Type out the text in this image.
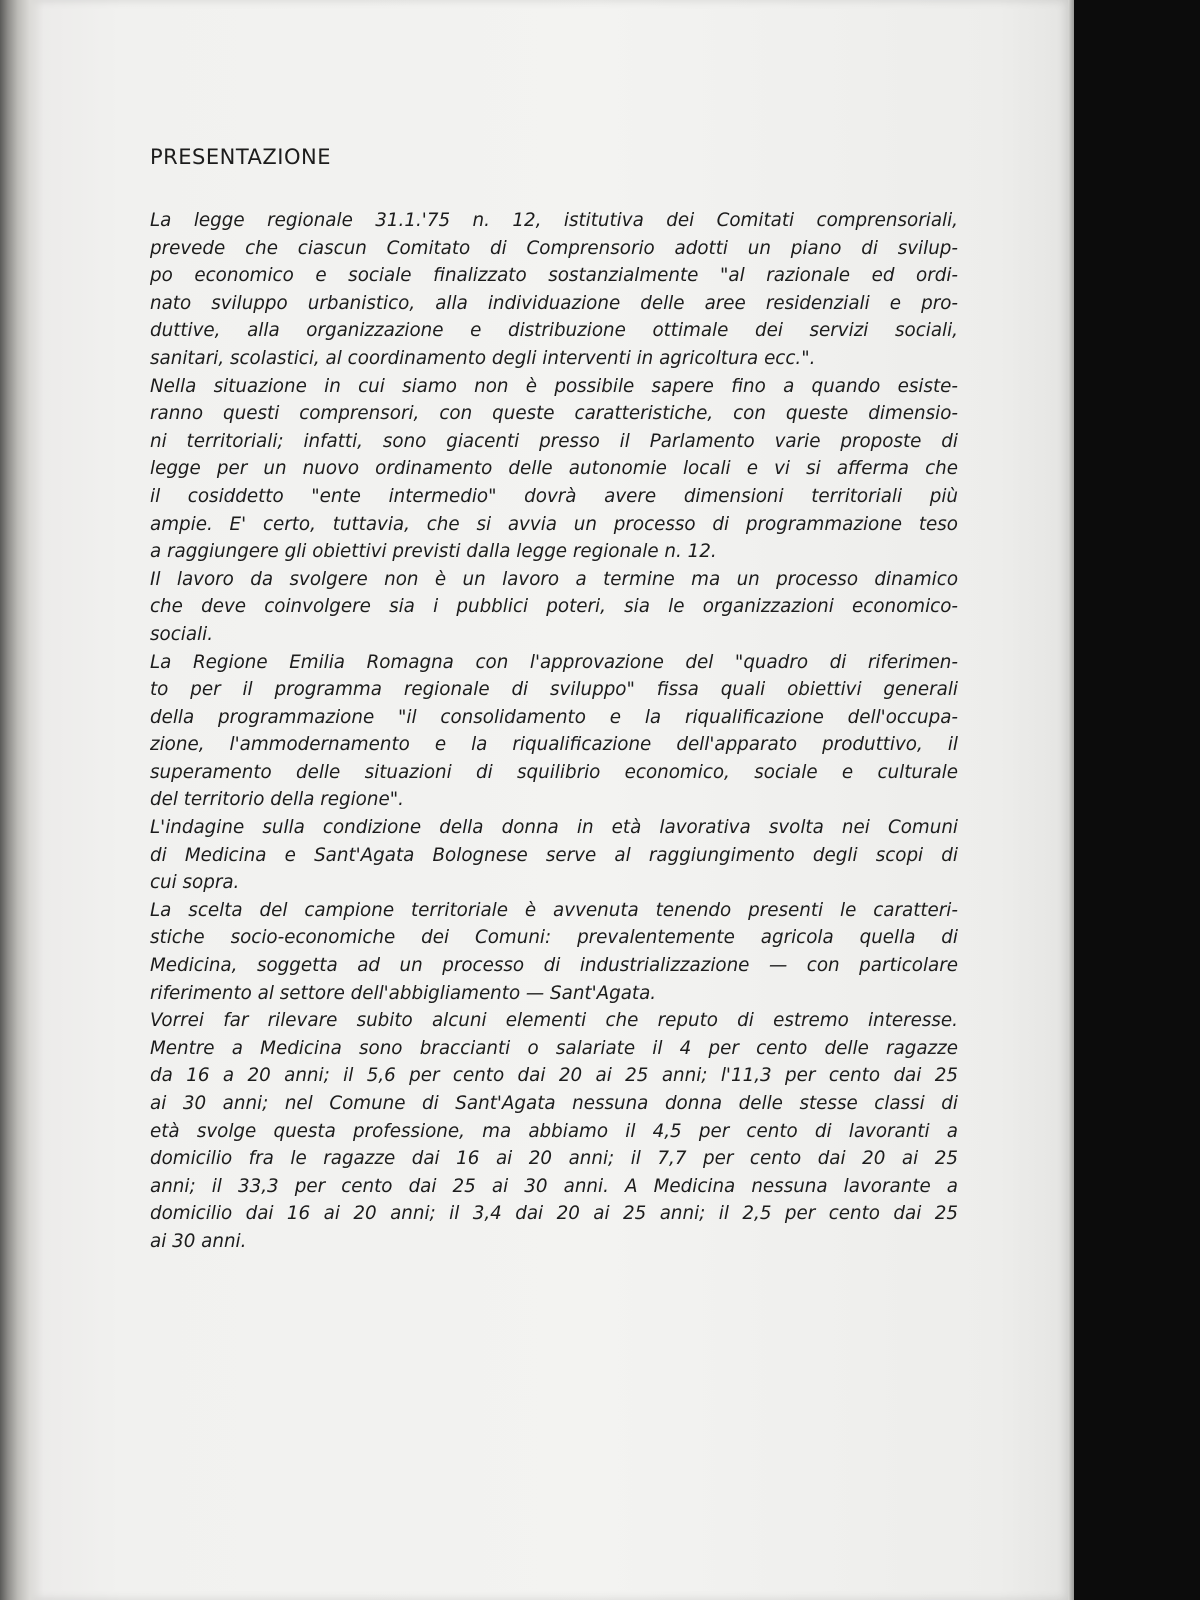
PRESENTAZIONE
La legge regionale 31.1.'75 n. 12, istitutiva dei Comitati comprensoriali,
prevede che ciascun Comitato di Comprensorio adotti un piano di svilup-
po economico e sociale finalizzato sostanzialmente "al razionale ed ordi-
nato sviluppo urbanistico, alla individuazione delle aree residenziali e pro-
duttive, alla organizzazione e distribuzione ottimale dei servizi sociali,
sanitari, scolastici, al coordinamento degli interventi in agricoltura ecc.".
Nella situazione in cui siamo non è possibile sapere fino a quando esiste-
ranno questi comprensori, con queste caratteristiche, con queste dimensio-
ni territoriali; infatti, sono giacenti presso il Parlamento varie proposte di
legge per un nuovo ordinamento delle autonomie locali e vi si afferma che
il cosiddetto "ente intermedio" dovrà avere dimensioni territoriali più
ampie. E' certo, tuttavia, che si avvia un processo di programmazione teso
a raggiungere gli obiettivi previsti dalla legge regionale n. 12.
Il lavoro da svolgere non è un lavoro a termine ma un processo dinamico
che deve coinvolgere sia i pubblici poteri, sia le organizzazioni economico-
sociali.
La Regione Emilia Romagna con l'approvazione del "quadro di riferimen-
to per il programma regionale di sviluppo" fissa quali obiettivi generali
della programmazione "il consolidamento e la riqualificazione dell'occupa-
zione, l'ammodernamento e la riqualificazione dell'apparato produttivo, il
superamento delle situazioni di squilibrio economico, sociale e culturale
del territorio della regione".
L'indagine sulla condizione della donna in età lavorativa svolta nei Comuni
di Medicina e Sant'Agata Bolognese serve al raggiungimento degli scopi di
cui sopra.
La scelta del campione territoriale è avvenuta tenendo presenti le caratteri-
stiche socio-economiche dei Comuni: prevalentemente agricola quella di
Medicina, soggetta ad un processo di industrializzazione — con particolare
riferimento al settore dell'abbigliamento — Sant'Agata.
Vorrei far rilevare subito alcuni elementi che reputo di estremo interesse.
Mentre a Medicina sono braccianti o salariate il 4 per cento delle ragazze
da 16 a 20 anni; il 5,6 per cento dai 20 ai 25 anni; l'11,3 per cento dai 25
ai 30 anni; nel Comune di Sant'Agata nessuna donna delle stesse classi di
età svolge questa professione, ma abbiamo il 4,5 per cento di lavoranti a
domicilio fra le ragazze dai 16 ai 20 anni; il 7,7 per cento dai 20 ai 25
anni; il 33,3 per cento dai 25 ai 30 anni. A Medicina nessuna lavorante a
domicilio dai 16 ai 20 anni; il 3,4 dai 20 ai 25 anni; il 2,5 per cento dai 25
ai 30 anni.
